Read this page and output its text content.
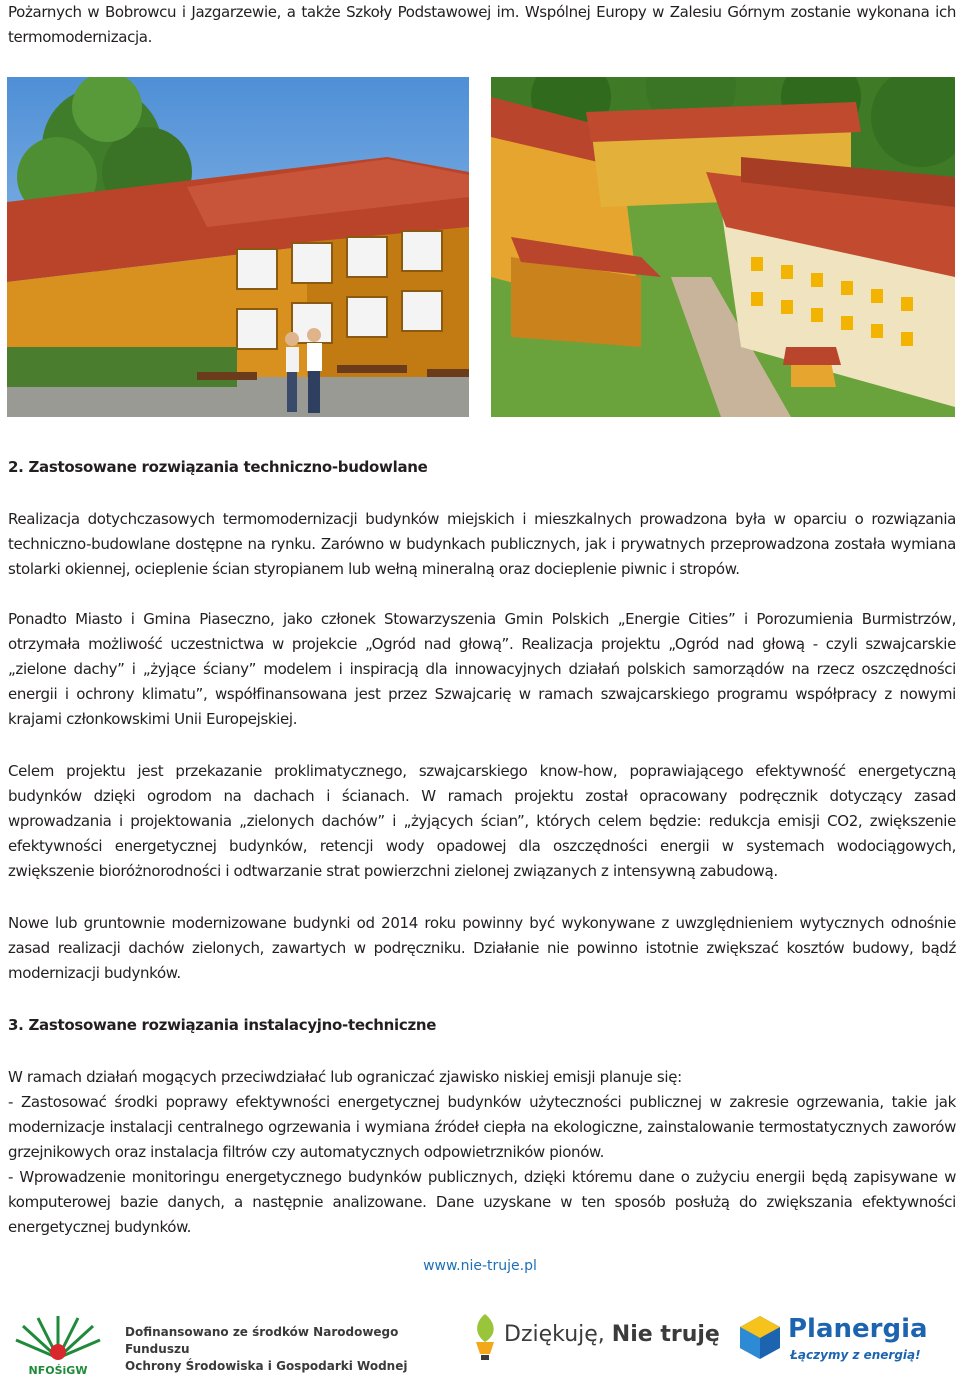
Pożarnych w Bobrowcu i Jazgarzewie, a także Szkoły Podstawowej im. Wspólnej Europy w Zalesiu Górnym zostanie wykonana ich termomodernizacja.

2. Zastosowane rozwiązania techniczno-budowlane

Realizacja dotychczasowych termomodernizacji budynków miejskich i mieszkalnych prowadzona była w oparciu o rozwiązania techniczno-budowlane dostępne na rynku. Zarówno w budynkach publicznych, jak i prywatnych przeprowadzona została wymiana stolarki okiennej, ocieplenie ścian styropianem lub wełną mineralną oraz docieplenie piwnic i stropów.

Ponadto Miasto i Gmina Piaseczno, jako członek Stowarzyszenia Gmin Polskich „Energie Cities” i Porozumienia Burmistrzów, otrzymała możliwość uczestnictwa w projekcie „Ogród nad głową”. Realizacja projektu „Ogród nad głową - czyli szwajcarskie „zielone dachy” i „żyjące ściany” modelem i inspiracją dla innowacyjnych działań polskich samorządów na rzecz oszczędności energii i ochrony klimatu”, współfinansowana jest przez Szwajcarię w ramach szwajcarskiego programu współpracy z nowymi krajami członkowskimi Unii Europejskiej.

Celem projektu jest przekazanie proklimatycznego, szwajcarskiego know-how, poprawiającego efektywność energetyczną budynków dzięki ogrodom na dachach i ścianach. W ramach projektu został opracowany podręcznik dotyczący zasad wprowadzania i projektowania „zielonych dachów” i „żyjących ścian”, których celem będzie: redukcja emisji CO2, zwiększenie efektywności energetycznej budynków, retencji wody opadowej dla oszczędności energii w systemach wodociągowych, zwiększenie bioróżnorodności i odtwarzanie strat powierzchni zielonej związanych z intensywną zabudową.

Nowe lub gruntownie modernizowane budynki od 2014 roku powinny być wykonywane z uwzględnieniem wytycznych odnośnie zasad realizacji dachów zielonych, zawartych w podręczniku. Działanie nie powinno istotnie zwiększać kosztów budowy, bądź modernizacji budynków.

3. Zastosowane rozwiązania instalacyjno-techniczne

W ramach działań mogących przeciwdziałać lub ograniczać zjawisko niskiej emisji planuje się:

- Zastosować środki poprawy efektywności energetycznej budynków użyteczności publicznej w zakresie ogrzewania, takie jak modernizacje instalacji centralnego ogrzewania i wymiana źródeł ciepła na ekologiczne, zainstalowanie termostatycznych zaworów grzejnikowych oraz instalacja filtrów czy automatycznych odpowietrzników pionów.

- Wprowadzenie monitoringu energetycznego budynków publicznych, dzięki któremu dane o zużyciu energii będą zapisywane w komputerowej bazie danych, a następnie analizowane. Dane uzyskane w ten sposób posłużą do zwiększania efektywności energetycznej budynków.

www.nie-truje.pl
NFOŚiGW
Dofinansowano ze środków Narodowego Funduszu
Ochrony Środowiska i Gospodarki Wodnej
Dziękuję, Nie truję	Planergia
Łączymy z energią!
